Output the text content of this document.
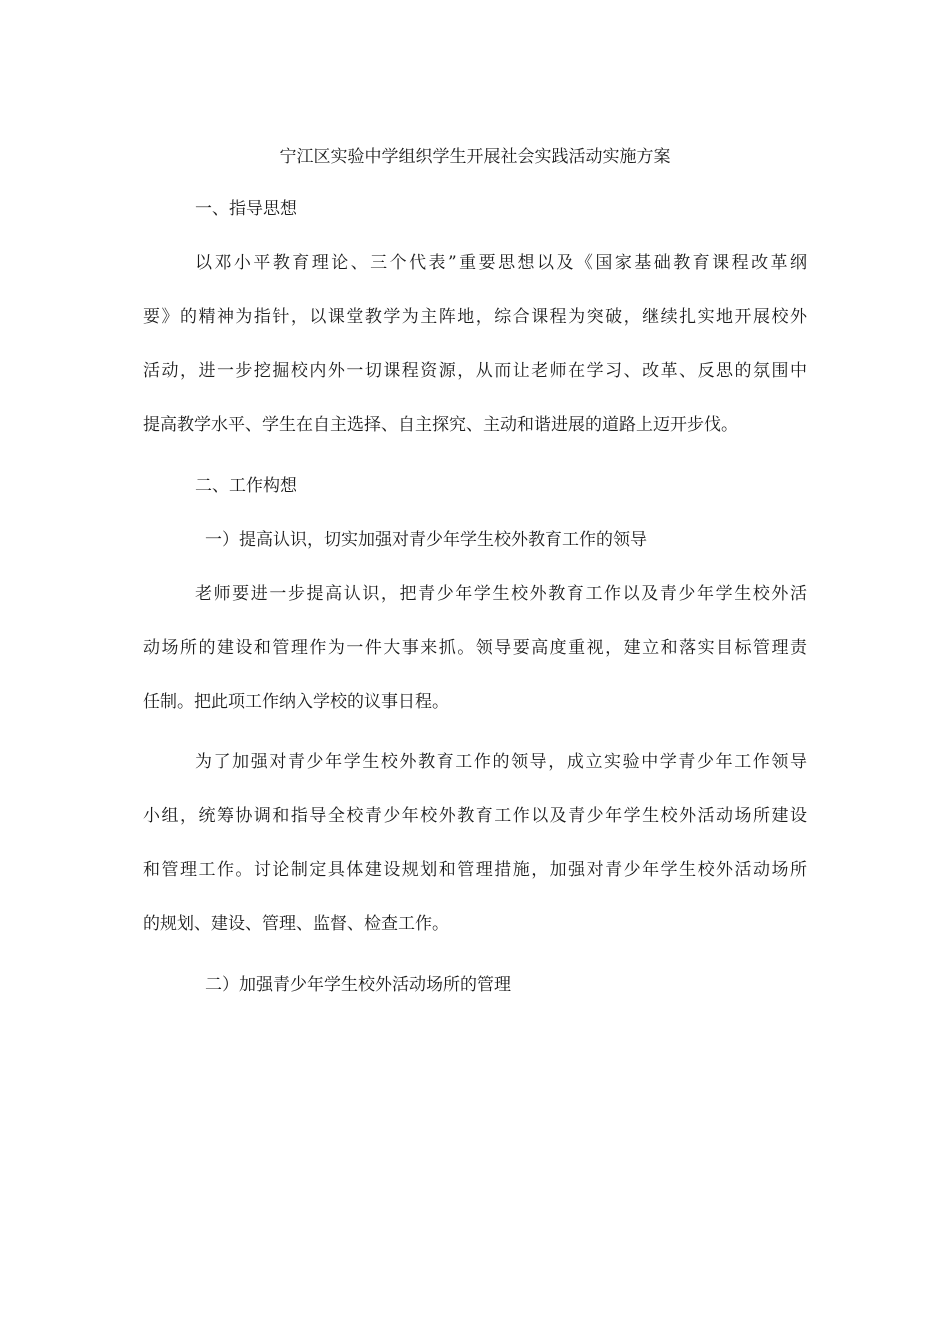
宁江区实验中学组织学生开展社会实践活动实施方案
一、指导思想
以邓小平教育理论、三个代表”重要思想以及《国家基础教育课程改革纲
要》的精神为指针，以课堂教学为主阵地，综合课程为突破，继续扎实地开展校外
活动，进一步挖掘校内外一切课程资源，从而让老师在学习、改革、反思的氛围中
提高教学水平、学生在自主选择、自主探究、主动和谐进展的道路上迈开步伐。
二、工作构想
一）提高认识，切实加强对青少年学生校外教育工作的领导
老师要进一步提高认识，把青少年学生校外教育工作以及青少年学生校外活
动场所的建设和管理作为一件大事来抓。领导要高度重视，建立和落实目标管理责
任制。把此项工作纳入学校的议事日程。
为了加强对青少年学生校外教育工作的领导，成立实验中学青少年工作领导
小组，统筹协调和指导全校青少年校外教育工作以及青少年学生校外活动场所建设
和管理工作。讨论制定具体建设规划和管理措施，加强对青少年学生校外活动场所
的规划、建设、管理、监督、检查工作。
二）加强青少年学生校外活动场所的管理
